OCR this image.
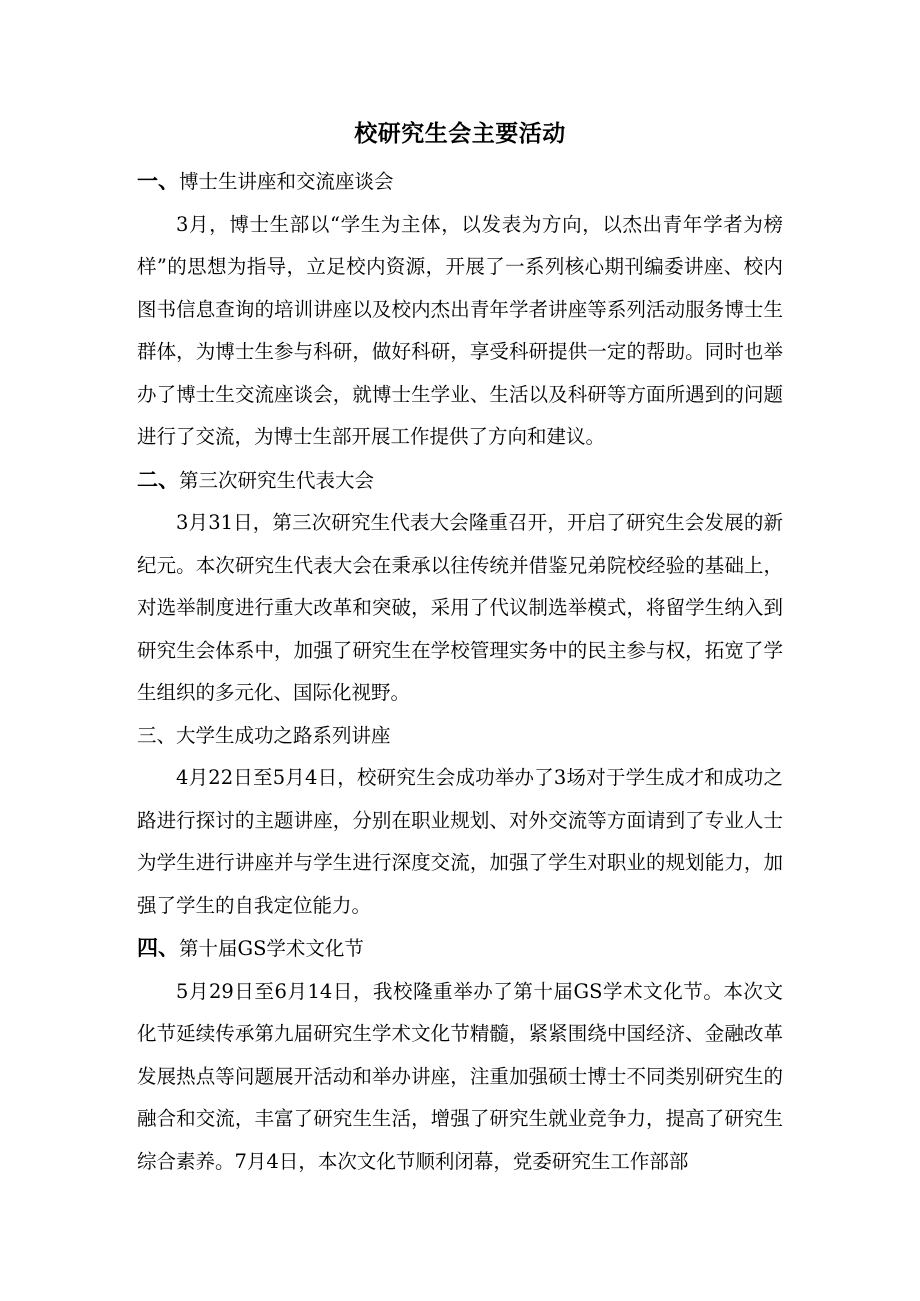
校研究生会主要活动

一、博士生讲座和交流座谈会

3月，博士生部以“学生为主体，以发表为方向，以杰出青年学者为榜样”的思想为指导，立足校内资源，开展了一系列核心期刊编委讲座、校内图书信息查询的培训讲座以及校内杰出青年学者讲座等系列活动服务博士生群体，为博士生参与科研，做好科研，享受科研提供一定的帮助。同时也举办了博士生交流座谈会，就博士生学业、生活以及科研等方面所遇到的问题进行了交流，为博士生部开展工作提供了方向和建议。

二、第三次研究生代表大会

3月31日，第三次研究生代表大会隆重召开，开启了研究生会发展的新纪元。本次研究生代表大会在秉承以往传统并借鉴兄弟院校经验的基础上，对选举制度进行重大改革和突破，采用了代议制选举模式，将留学生纳入到研究生会体系中，加强了研究生在学校管理实务中的民主参与权，拓宽了学生组织的多元化、国际化视野。

三、大学生成功之路系列讲座

4月22日至5月4日，校研究生会成功举办了3场对于学生成才和成功之路进行探讨的主题讲座，分别在职业规划、对外交流等方面请到了专业人士为学生进行讲座并与学生进行深度交流，加强了学生对职业的规划能力，加强了学生的自我定位能力。

四、第十届GS学术文化节

5月29日至6月14日，我校隆重举办了第十届GS学术文化节。本次文化节延续传承第九届研究生学术文化节精髓，紧紧围绕中国经济、金融改革发展热点等问题展开活动和举办讲座，注重加强硕士博士不同类别研究生的融合和交流，丰富了研究生生活，增强了研究生就业竞争力，提高了研究生综合素养。7月4日，本次文化节顺利闭幕，党委研究生工作部部
